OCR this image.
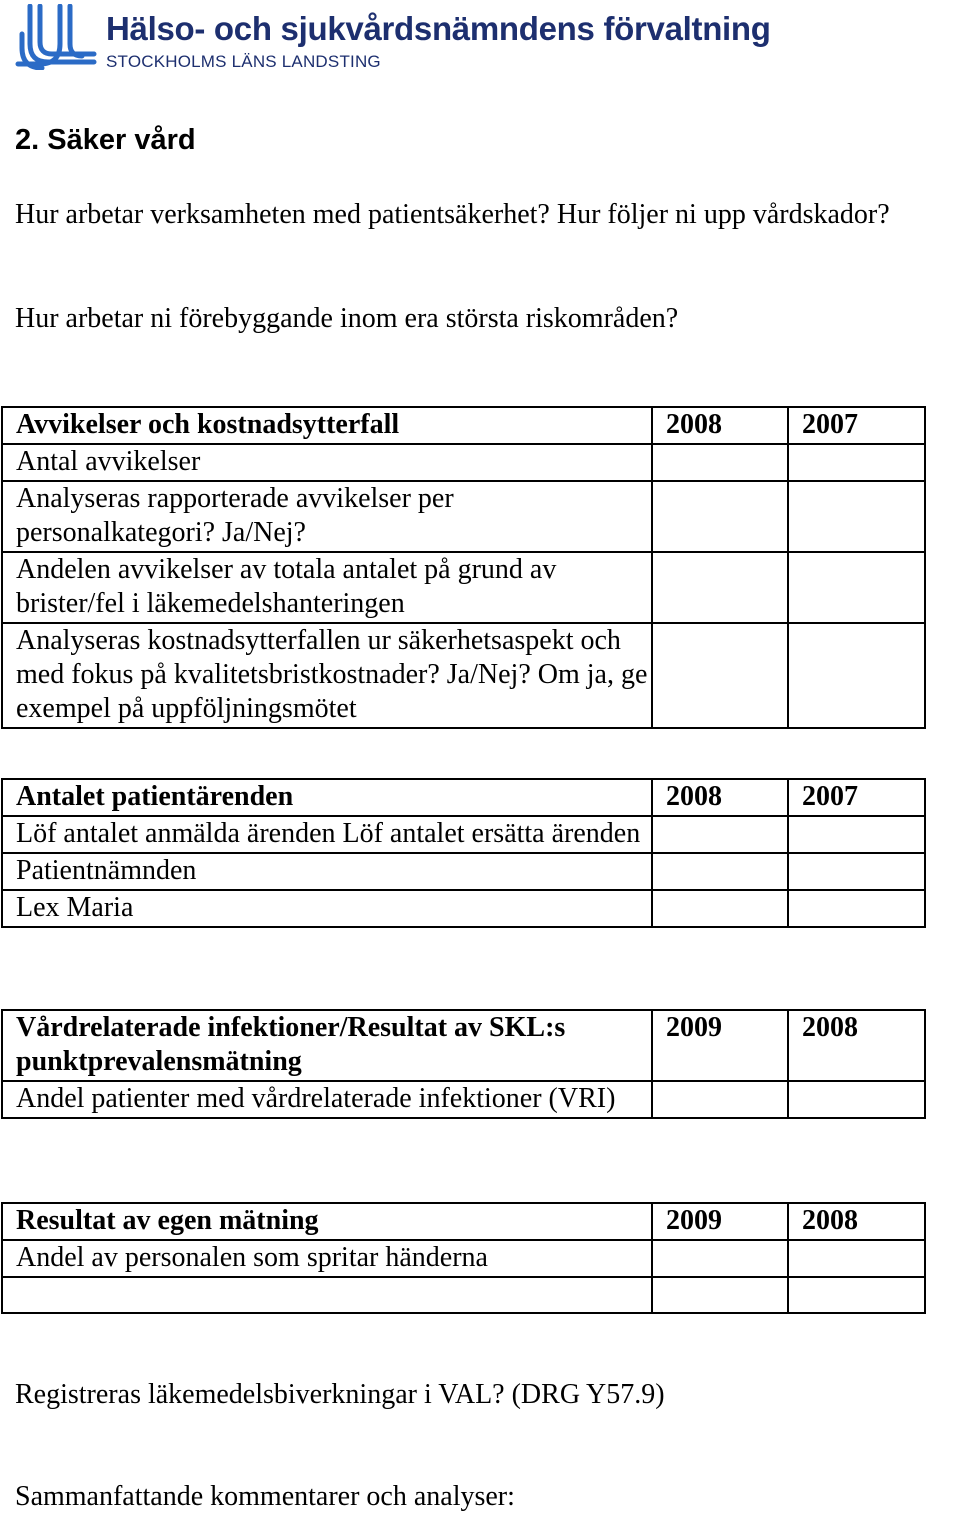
Hälso- och sjukvårdsnämndens förvaltning
STOCKHOLMS LÄNS LANDSTING
2. Säker vård
Hur arbetar verksamheten med patientsäkerhet? Hur följer ni upp vårdskador?
Hur arbetar ni förebyggande inom era största riskområden?
Avvikelser och kostnadsytterfall	2008	2007
Antal avvikelser		
Analyseras rapporterade avvikelser per personalkategori? Ja/Nej?		
Andelen avvikelser av totala antalet på grund av brister/fel i läkemedelshanteringen		
Analyseras kostnadsytterfallen ur säkerhetsaspekt och med fokus på kvalitetsbristkostnader? Ja/Nej? Om ja, ge exempel på uppföljningsmötet		
Antalet patientärenden	2008	2007
Löf antalet anmälda ärenden Löf antalet ersätta ärenden		
Patientnämnden		
Lex Maria		
Vårdrelaterade infektioner/Resultat av SKL:s punktprevalensmätning	2009	2008
Andel patienter med vårdrelaterade infektioner (VRI)		
Resultat av egen mätning	2009	2008
Andel av personalen som spritar händerna		

Registreras läkemedelsbiverkningar i VAL? (DRG Y57.9)
Sammanfattande kommentarer och analyser:
